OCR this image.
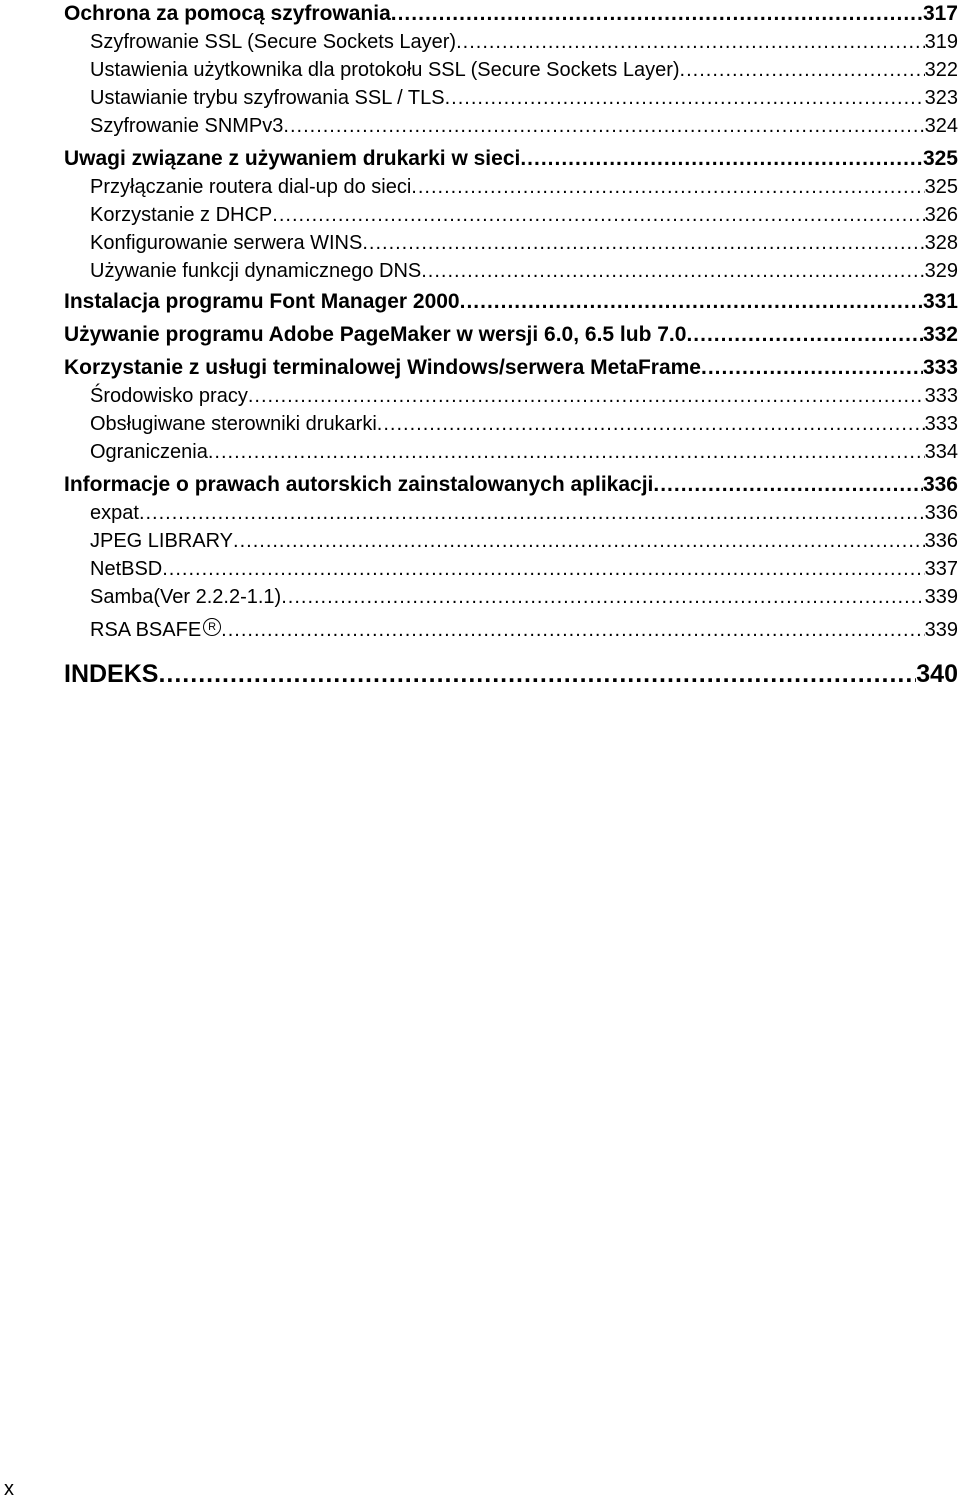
Ochrona za pomocą szyfrowania .....	317
Szyfrowanie SSL (Secure Sockets Layer) .....	319
Ustawienia użytkownika dla protokołu SSL (Secure Sockets Layer) .....	322
Ustawianie trybu szyfrowania SSL / TLS .....	323
Szyfrowanie SNMPv3 .....	324
Uwagi związane z używaniem drukarki w sieci .....	325
Przyłączanie routera dial-up do sieci .....	325
Korzystanie z DHCP .....	326
Konfigurowanie serwera WINS .....	328
Używanie funkcji dynamicznego DNS .....	329
Instalacja programu Font Manager 2000 .....	331
Używanie programu Adobe PageMaker w wersji 6.0, 6.5 lub 7.0 .....	332
Korzystanie z usługi terminalowej Windows/serwera MetaFrame .....	333
Środowisko pracy .....	333
Obsługiwane sterowniki drukarki .....	333
Ograniczenia .....	334
Informacje o prawach autorskich zainstalowanych aplikacji .....	336
expat .....	336
JPEG LIBRARY .....	336
NetBSD .....	337
Samba(Ver 2.2.2-1.1) .....	339
RSA BSAFE R .....	339
INDEKS .....	340
x
